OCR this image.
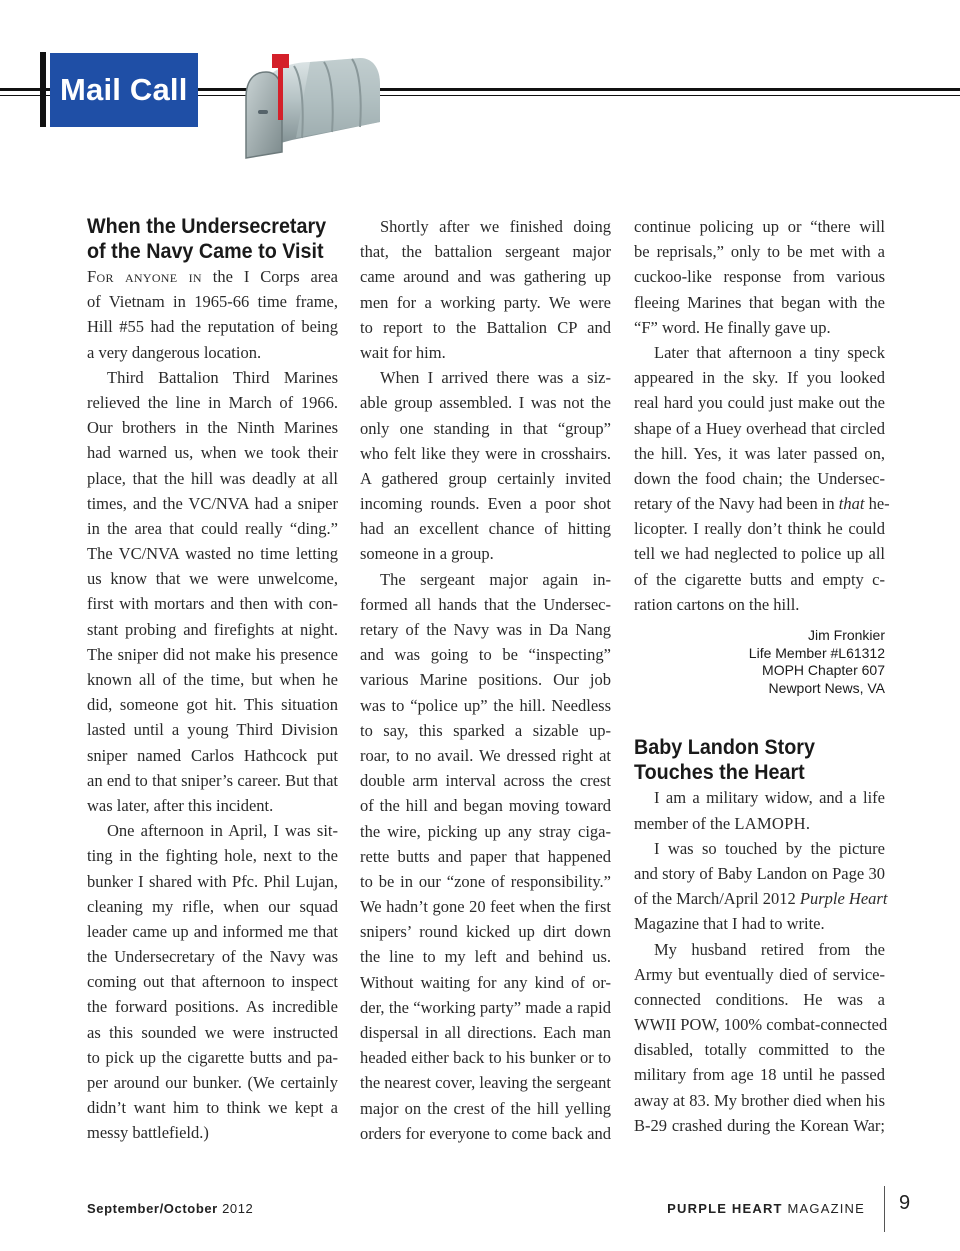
Mail Call
When the Undersecretary
of the Navy Came to Visit
For anyone in the I Corps area
of Vietnam in 1965-66 time frame,
Hill #55 had the reputation of being
a very dangerous location.
Third Battalion Third Marines
relieved the line in March of 1966.
Our brothers in the Ninth Marines
had warned us, when we took their
place, that the hill was deadly at all
times, and the VC/NVA had a sniper
in the area that could really “ding.”
The VC/NVA wasted no time letting
us know that we were unwelcome,
first with mortars and then with con-
stant probing and firefights at night.
The sniper did not make his presence
known all of the time, but when he
did, someone got hit. This situation
lasted until a young Third Division
sniper named Carlos Hathcock put
an end to that sniper’s career. But that
was later, after this incident.
One afternoon in April, I was sit-
ting in the fighting hole, next to the
bunker I shared with Pfc. Phil Lujan,
cleaning my rifle, when our squad
leader came up and informed me that
the Undersecretary of the Navy was
coming out that afternoon to inspect
the forward positions. As incredible
as this sounded we were instructed
to pick up the cigarette butts and pa-
per around our bunker. (We certainly
didn’t want him to think we kept a
messy battlefield.)
Shortly after we finished doing
that, the battalion sergeant major
came around and was gathering up
men for a working party. We were
to report to the Battalion CP and
wait for him.
When I arrived there was a siz-
able group assembled. I was not the
only one standing in that “group”
who felt like they were in crosshairs.
A gathered group certainly invited
incoming rounds. Even a poor shot
had an excellent chance of hitting
someone in a group.
The sergeant major again in-
formed all hands that the Undersec-
retary of the Navy was in Da Nang
and was going to be “inspecting”
various Marine positions. Our job
was to “police up” the hill. Needless
to say, this sparked a sizable up-
roar, to no avail. We dressed right at
double arm interval across the crest
of the hill and began moving toward
the wire, picking up any stray ciga-
rette butts and paper that happened
to be in our “zone of responsibility.”
We hadn’t gone 20 feet when the first
snipers’ round kicked up dirt down
the line to my left and behind us.
Without waiting for any kind of or-
der, the “working party” made a rapid
dispersal in all directions. Each man
headed either back to his bunker or to
the nearest cover, leaving the sergeant
major on the crest of the hill yelling
orders for everyone to come back and
continue policing up or “there will
be reprisals,” only to be met with a
cuckoo-like response from various
fleeing Marines that began with the
“F” word. He finally gave up.
Later that afternoon a tiny speck
appeared in the sky. If you looked
real hard you could just make out the
shape of a Huey overhead that circled
the hill. Yes, it was later passed on,
down the food chain; the Undersec-
retary of the Navy had been in that he-
licopter. I really don’t think he could
tell we had neglected to police up all
of the cigarette butts and empty c-
ration cartons on the hill.
Jim Fronkier
Life Member #L61312
MOPH Chapter 607
Newport News, VA
Baby Landon Story
Touches the Heart
I am a military widow, and a life
member of the LAMOPH.
I was so touched by the picture
and story of Baby Landon on Page 30
of the March/April 2012 Purple Heart
Magazine that I had to write.
My husband retired from the
Army but eventually died of service-
connected conditions. He was a
WWII POW, 100% combat-connected
disabled, totally committed to the
military from age 18 until he passed
away at 83. My brother died when his
B-29 crashed during the Korean War;
September/October 2012	PURPLE HEART MAGAZINE 9
